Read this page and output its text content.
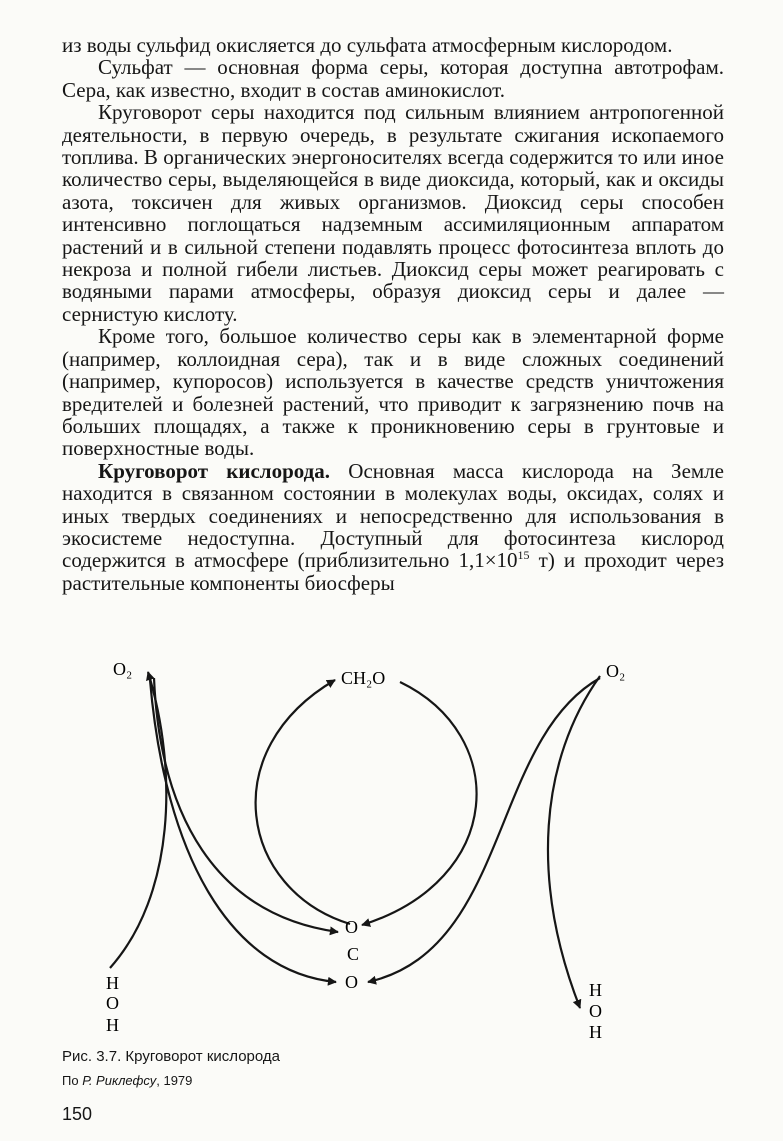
из воды сульфид окисляется до сульфата атмосферным кислородом.

Сульфат — основная форма серы, которая доступна автотрофам. Сера, как известно, входит в состав аминокислот.

Круговорот серы находится под сильным влиянием антропогенной деятельности, в первую очередь, в результате сжигания ископаемого топлива. В органических энергоносителях всегда содержится то или иное количество серы, выделяющейся в виде диоксида, который, как и оксиды азота, токсичен для живых организмов. Диоксид серы способен интенсивно поглощаться надземным ассимиляционным аппаратом растений и в сильной степени подавлять процесс фотосинтеза вплоть до некроза и полной гибели листьев. Диоксид серы может реагировать с водяными парами атмосферы, образуя диоксид серы и далее — сернистую кислоту.

Кроме того, большое количество серы как в элементарной форме (например, коллоидная сера), так и в виде сложных соединений (например, купоросов) используется в качестве средств уничтожения вредителей и болезней растений, что приводит к загрязнению почв на больших площадях, а также к проникновению серы в грунтовые и поверхностные воды.

Круговорот кислорода. Основная масса кислорода на Земле находится в связанном состоянии в молекулах воды, оксидах, солях и иных твердых соединениях и непосредственно для использования в экосистеме недоступна. Доступный для фотосинтеза кислород содержится в атмосфере (приблизительно $1,1\times 10^{15}$ т) и проходит через растительные компоненты биосферы

O₂	O₂
CH₂O
O
C
O
H
O
H
H
O
H
Рис. 3.7. Круговорот кислорода
По Р. Риклефсу, 1979
150
